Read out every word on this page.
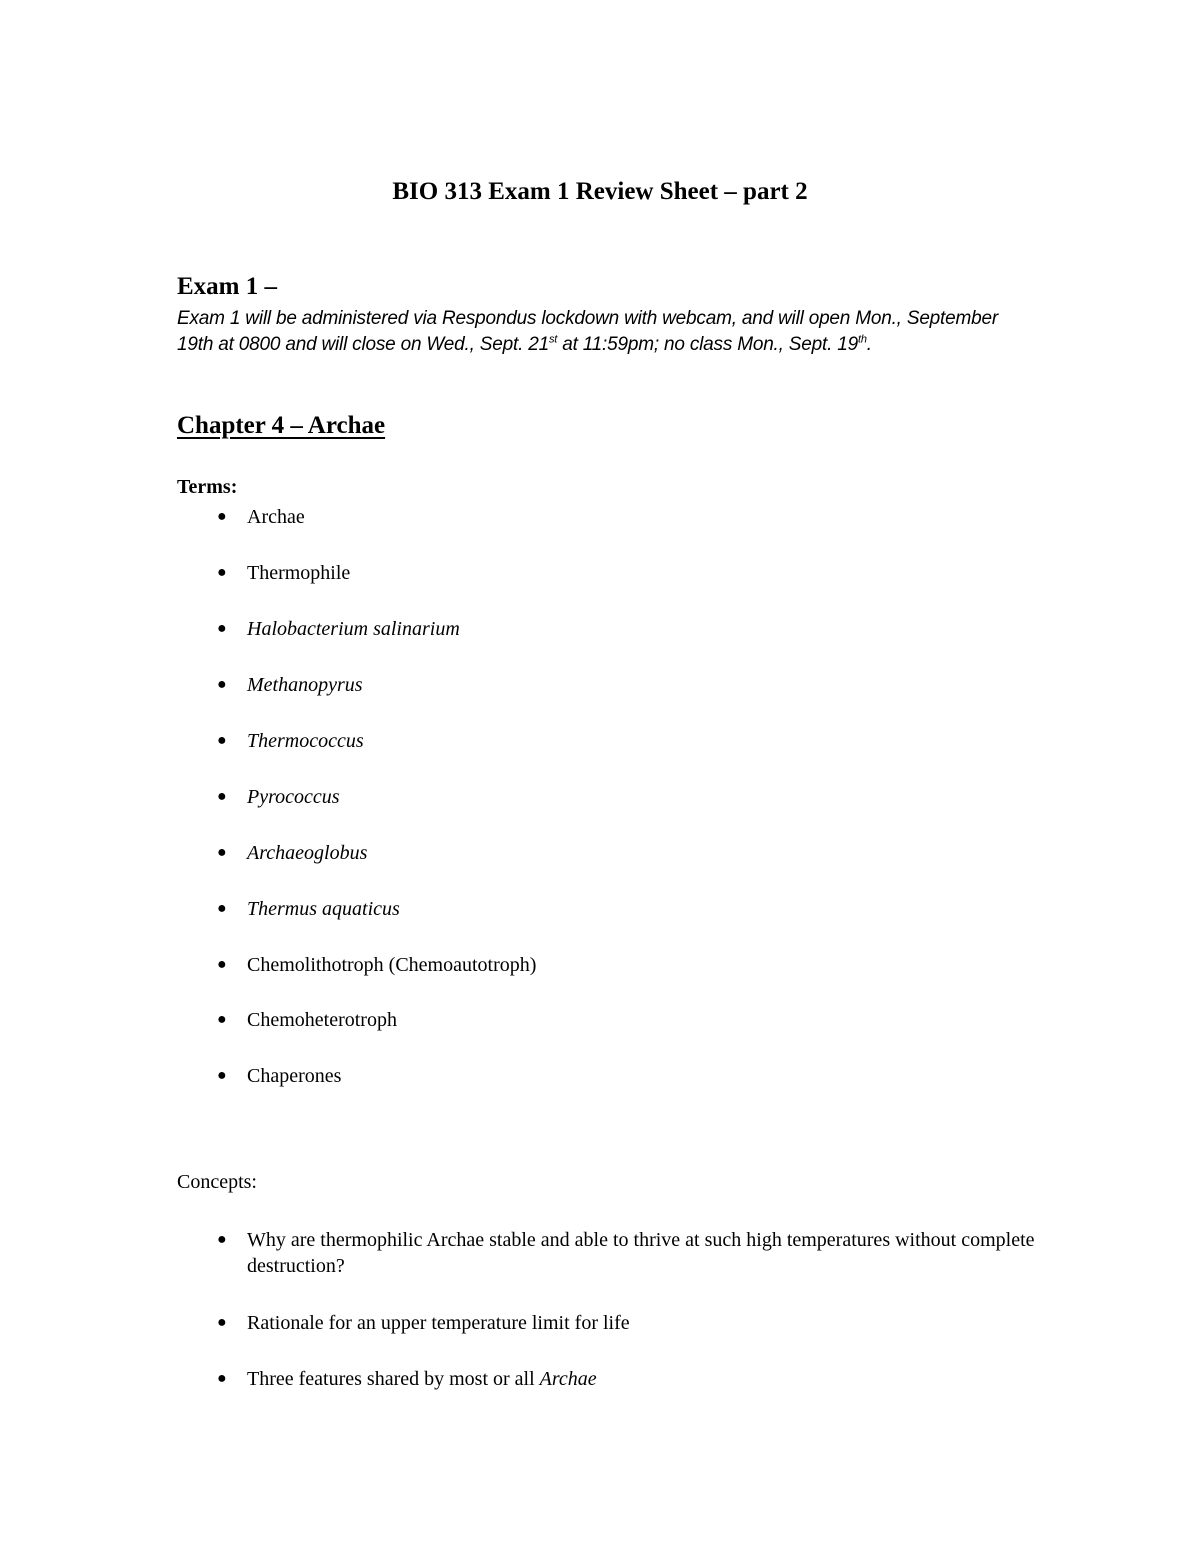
BIO 313 Exam 1 Review Sheet – part 2
Exam 1 –
Exam 1 will be administered via Respondus lockdown with webcam, and will open Mon., September 19th at 0800 and will close on Wed., Sept. 21st at 11:59pm; no class Mon., Sept. 19th.
Chapter 4 – Archae
Terms:
● Archae
● Thermophile
● Halobacterium salinarium
● Methanopyrus
● Thermococcus
● Pyrococcus
● Archaeoglobus
● Thermus aquaticus
● Chemolithotroph (Chemoautotroph)
● Chemoheterotroph
● Chaperones
Concepts:
● Why are thermophilic Archae stable and able to thrive at such high temperatures without complete destruction?
● Rationale for an upper temperature limit for life
● Three features shared by most or all Archae
